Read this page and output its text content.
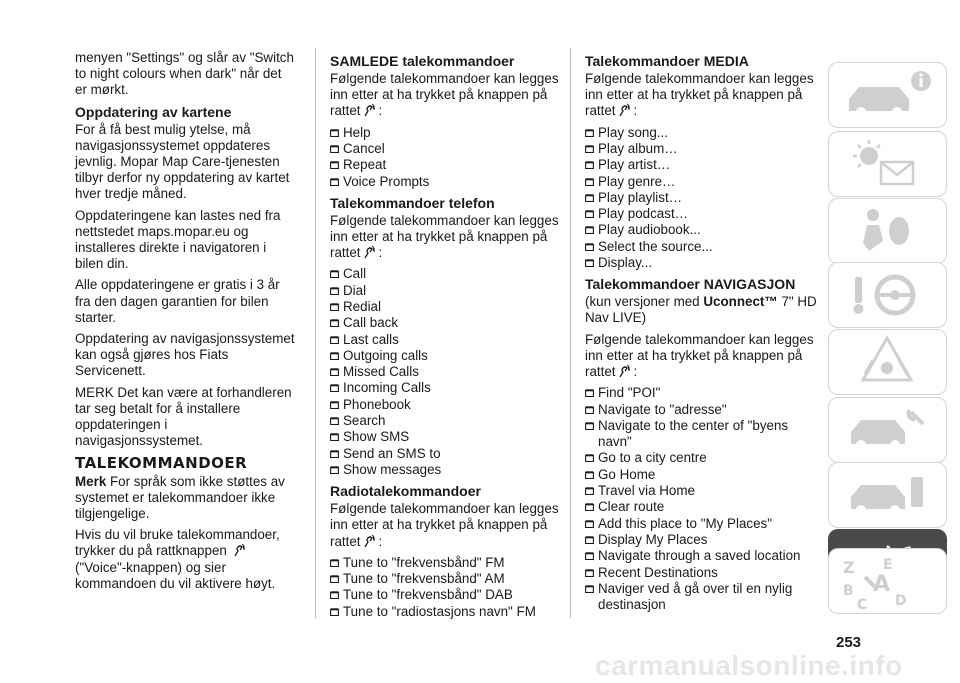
menyen "Settings" og slår av "Switch to night colours when dark" når det er mørkt.

Oppdatering av kartene

For å få best mulig ytelse, må navigasjonssystemet oppdateres jevnlig. Mopar Map Care-tjenesten tilbyr derfor ny oppdatering av kartet hver tredje måned.

Oppdateringene kan lastes ned fra nettstedet maps.mopar.eu og installeres direkte i navigatoren i bilen din.

Alle oppdateringene er gratis i 3 år fra den dagen garantien for bilen starter.

Oppdatering av navigasjonssystemet kan også gjøres hos Fiats Servicenett.

MERK Det kan være at forhandleren tar seg betalt for å installere oppdateringen i navigasjonssystemet.

TALEKOMMANDOER

Merk For språk som ikke støttes av systemet er talekommandoer ikke tilgjengelige.

Hvis du vil bruke talekommandoer, trykker du på rattknappen  ("Voice"-knappen) og sier kommandoen du vil aktivere høyt.

SAMLEDE talekommandoer

Følgende talekommandoer kan legges inn etter at ha trykket på knappen på rattet :

Help
Cancel
Repeat
Voice Prompts
Talekommandoer telefon

Følgende talekommandoer kan legges inn etter at ha trykket på knappen på rattet :

Call
Dial
Redial
Call back
Last calls
Outgoing calls
Missed Calls
Incoming Calls
Phonebook
Search
Show SMS
Send an SMS to
Show messages
Radiotalekommandoer

Følgende talekommandoer kan legges inn etter at ha trykket på knappen på rattet :

Tune to "frekvensbånd" FM
Tune to "frekvensbånd" AM
Tune to "frekvensbånd" DAB
Tune to "radiostasjons navn" FM
Talekommandoer MEDIA

Følgende talekommandoer kan legges inn etter at ha trykket på knappen på rattet :

Play song...
Play album…
Play artist…
Play genre…
Play playlist…
Play podcast…
Play audiobook...
Select the source...
Display...
Talekommandoer NAVIGASJON

(kun versjoner med Uconnect™ 7" HD Nav LIVE)

Følgende talekommandoer kan legges inn etter at ha trykket på knappen på rattet :

Find "POI"
Navigate to "adresse"
Navigate to the center of "byens navn"
Go to a city centre
Go Home
Travel via Home
Clear route
Add this place to "My Places"
Display My Places
Navigate through a saved location
Recent Destinations
Naviger ved å gå over til en nylig destinasjon
Z E
A
B
C D
253
carmanualsonline.info
